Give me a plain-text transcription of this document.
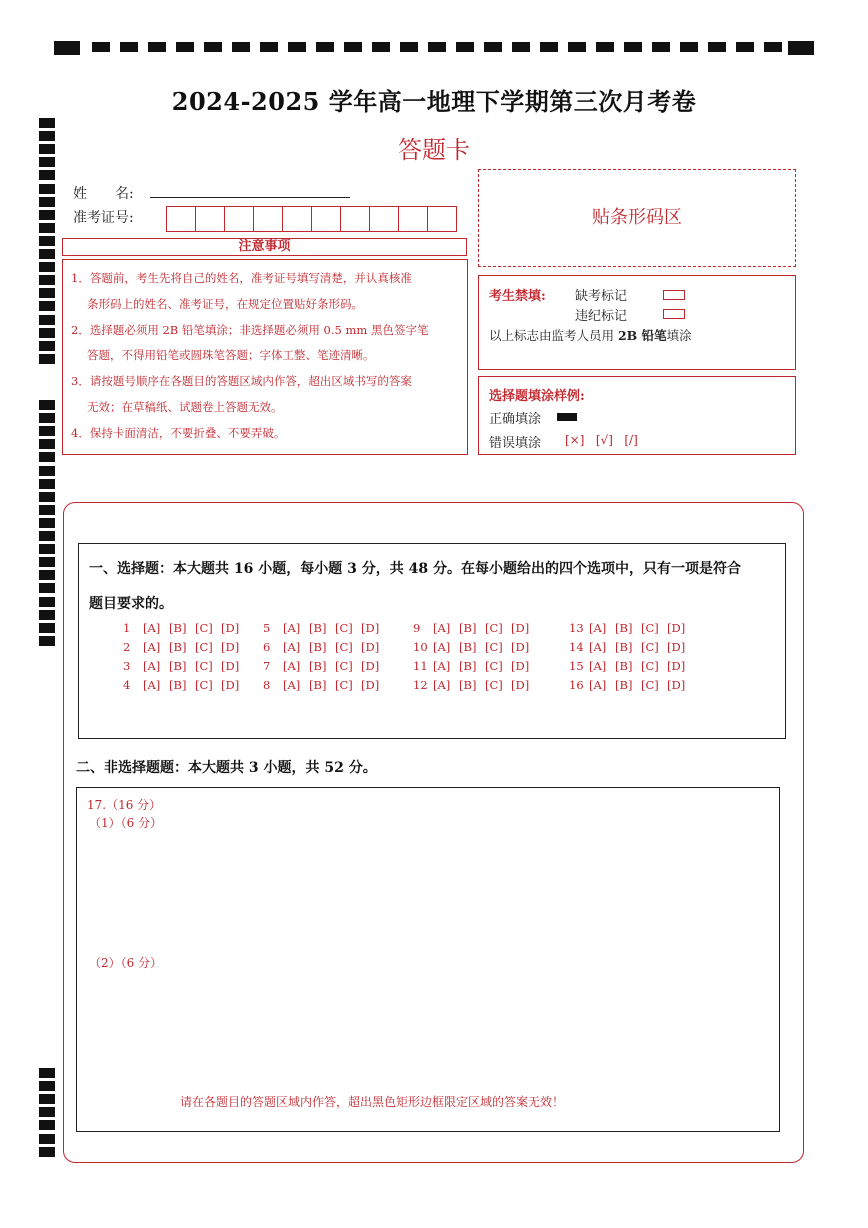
2024-2025 学年高一地理下学期第三次月考卷
答题卡
姓　　名:
准考证号:
注意事项
1．答题前，考生先将自己的姓名，准考证号填写清楚，并认真核准
条形码上的姓名、准考证号，在规定位置贴好条形码。
2．选择题必须用 2B 铅笔填涂；非选择题必须用 0.5 mm 黑色签字笔
答题，不得用铅笔或圆珠笔答题；字体工整、笔迹清晰。
3．请按题号顺序在各题目的答题区域内作答，超出区域书写的答案
无效；在草稿纸、试题卷上答题无效。
4．保持卡面清洁，不要折叠、不要弄破。
贴条形码区
考生禁填: 缺考标记
违纪标记
以上标志由监考人员用 2B 铅笔填涂
选择题填涂样例:
正确填涂
错误填涂 [×] [√] [/]
一、选择题：本大题共 16 小题，每小题 3 分，共 48 分。在每小题给出的四个选项中，只有一项是符合
题目要求的。
1 [A] [B] [C] [D]
2 [A] [B] [C] [D]
3 [A] [B] [C] [D]
4 [A] [B] [C] [D]
5 [A] [B] [C] [D]
6 [A] [B] [C] [D]
7 [A] [B] [C] [D]
8 [A] [B] [C] [D]
9 [A] [B] [C] [D]
10 [A] [B] [C] [D]
11 [A] [B] [C] [D]
12 [A] [B] [C] [D]
13 [A] [B] [C] [D]
14 [A] [B] [C] [D]
15 [A] [B] [C] [D]
16 [A] [B] [C] [D]
二、非选择题题：本大题共 3 小题，共 52 分。
17.（16 分）
（1）（6 分）
（2）（6 分）
请在各题目的答题区域内作答，超出黑色矩形边框限定区域的答案无效！
